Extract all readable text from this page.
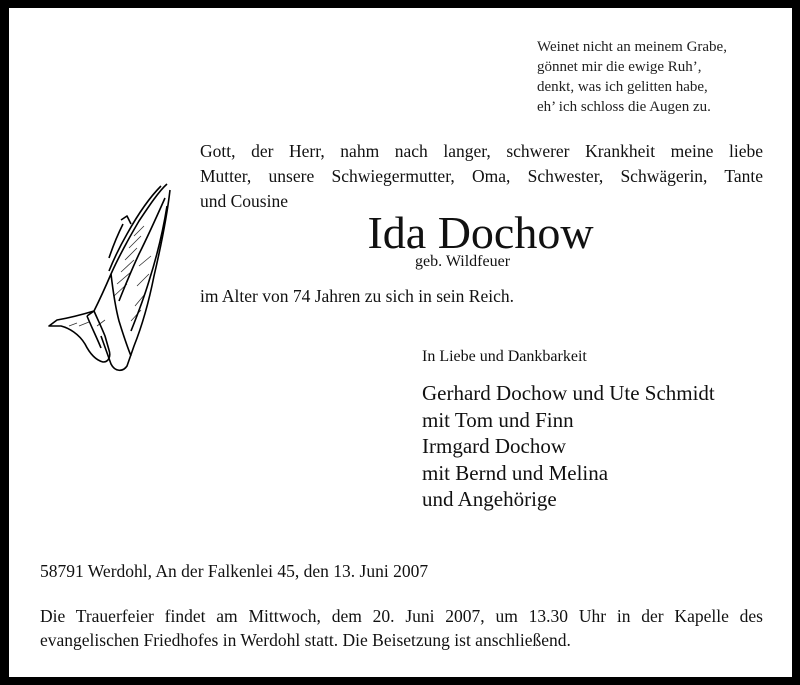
Weinet nicht an meinem Grabe,
gönnet mir die ewige Ruh’,
denkt, was ich gelitten habe,
eh’ ich schloss die Augen zu.
Gott, der Herr, nahm nach langer, schwerer Krankheit meine liebe
Mutter, unsere Schwiegermutter, Oma, Schwester, Schwägerin, Tante
und Cousine
Ida Dochow
geb. Wildfeuer
im Alter von 74 Jahren zu sich in sein Reich.
In Liebe und Dankbarkeit
Gerhard Dochow und Ute Schmidt
mit Tom und Finn
Irmgard Dochow
mit Bernd und Melina
und Angehörige
58791 Werdohl, An der Falkenlei 45, den 13. Juni 2007
Die Trauerfeier findet am Mittwoch, dem 20. Juni 2007, um 13.30 Uhr in der Kapelle des
evangelischen Friedhofes in Werdohl statt. Die Beisetzung ist anschließend.
